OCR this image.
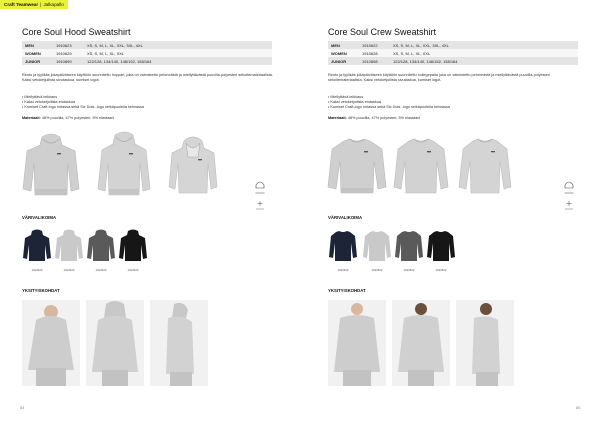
Craft Teamwear | Jalkapallo
Core Soul Hood Sweatshirt
MEN	1910623	XS, S, M, L, XL, XXL, 3XL, 4XL
WOMEN	1910629	XS, S, M, L, XL, XXL
JUNIOR	1910899	122/128, 134/140, 146/152, 158/164

Rento ja tyylikäs jokapäiväiseen käyttöön suunniteltu huppari, joka on valmistettu pehmeästä ja miellyttävästä puuvilla-polyesteri sekoitemateriaalista. Kaksi vetoketjullista sivutaskua, kumiset logot.

• Miellyttävä leikkaus
• Kaksi vetoketjullista etutaskua
• Kumiset Craft-logo rintassa sekä Six Dots -logo selkäpuolella kelmassa
Materiaali: 48% puuvilla, 47% polyesteri, 5% elastaani
VÄRIVALIKOIMA
1910623	1910623	1910623	1910623
YKSITYISKOHDAT
84
Core Soul Crew Sweatshirt
MEN	1910622	XS, S, M, L, XL, XXL, 3XL, 4XL
WOMEN	1910628	XS, S, M, L, XL, XXL
JUNIOR	1910898	122/128, 134/140, 146/152, 158/164

Rento ja tyylikäs jokapäiväiseen käyttöön suunniteltu collegepaita joka on valmistettu pehmeästä ja miellyttävästä puuvilla-polyesteri sekoitemateriaalista. Kaksi vetoketjullista sivutaskua, kumiset logot.

• Miellyttävä leikkaus
• Kaksi vetoketjullista etutaskua
• Kumiset Craft-logo rintassa sekä Six Dots -logo selkäpuolella kelmassa
Materiaali: 48% puuvilla, 47% polyesteri, 5% elastaani
VÄRIVALIKOIMA
1910622	1910622	1910622	1910622
YKSITYISKOHDAT
85
